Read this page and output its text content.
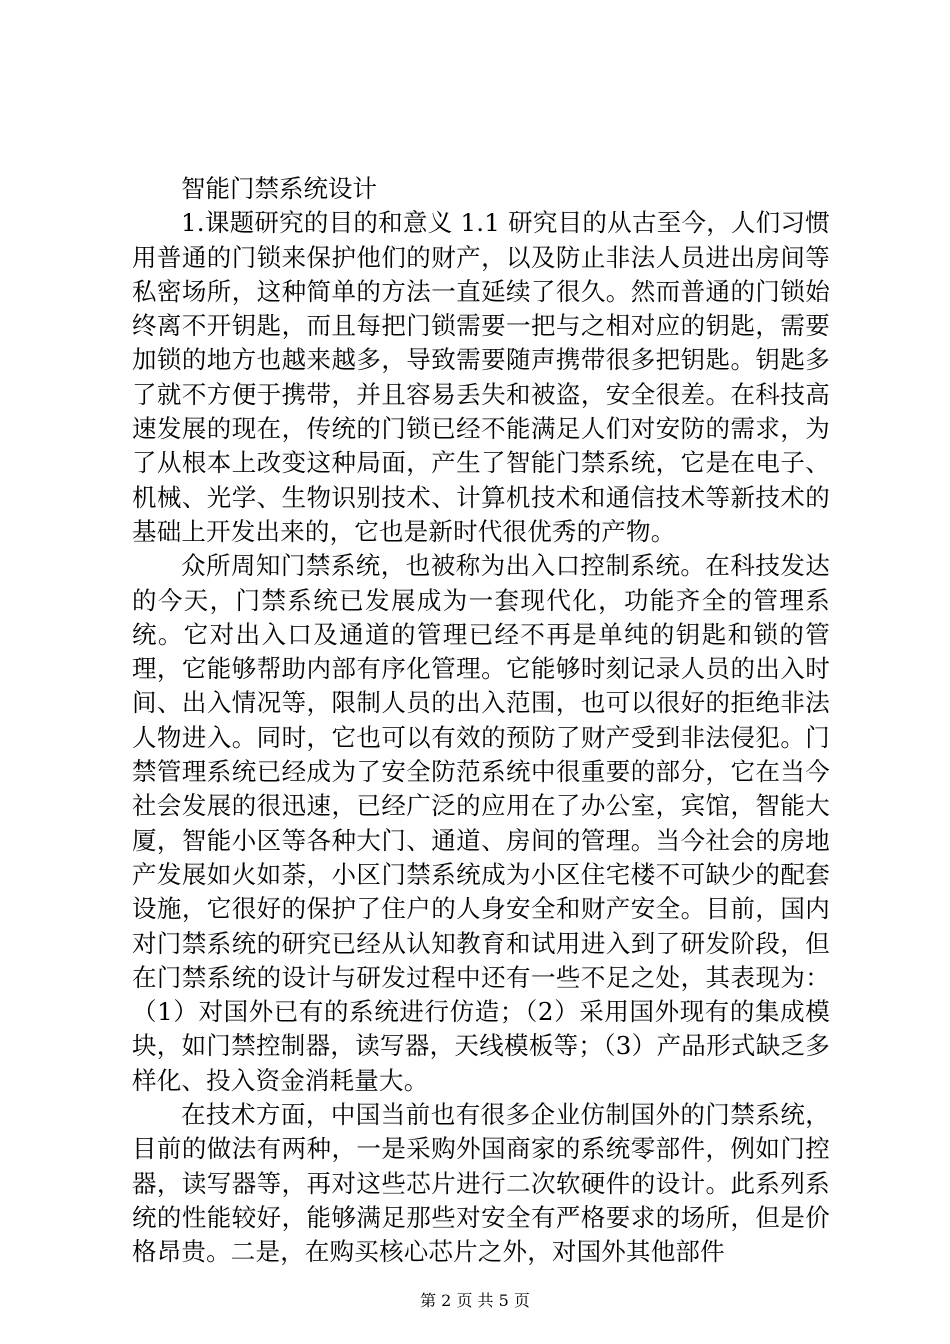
智能门禁系统设计

1.课题研究的目的和意义 1.1 研究目的从古至今，人们习惯用普通的门锁来保护他们的财产，以及防止非法人员进出房间等私密场所，这种简单的方法一直延续了很久。然而普通的门锁始终离不开钥匙，而且每把门锁需要一把与之相对应的钥匙，需要加锁的地方也越来越多，导致需要随声携带很多把钥匙。钥匙多了就不方便于携带，并且容易丢失和被盗，安全很差。在科技高速发展的现在，传统的门锁已经不能满足人们对安防的需求，为了从根本上改变这种局面，产生了智能门禁系统，它是在电子、机械、光学、生物识别技术、计算机技术和通信技术等新技术的基础上开发出来的，它也是新时代很优秀的产物。

众所周知门禁系统，也被称为出入口控制系统。在科技发达的今天，门禁系统已发展成为一套现代化，功能齐全的管理系统。它对出入口及通道的管理已经不再是单纯的钥匙和锁的管理，它能够帮助内部有序化管理。它能够时刻记录人员的出入时间、出入情况等，限制人员的出入范围，也可以很好的拒绝非法人物进入。同时，它也可以有效的预防了财产受到非法侵犯。门禁管理系统已经成为了安全防范系统中很重要的部分，它在当今社会发展的很迅速，已经广泛的应用在了办公室，宾馆，智能大厦，智能小区等各种大门、通道、房间的管理。当今社会的房地产发展如火如荼，小区门禁系统成为小区住宅楼不可缺少的配套设施，它很好的保护了住户的人身安全和财产安全。目前，国内对门禁系统的研究已经从认知教育和试用进入到了研发阶段，但在门禁系统的设计与研发过程中还有一些不足之处，其表现为：（1）对国外已有的系统进行仿造；（2）采用国外现有的集成模块，如门禁控制器，读写器，天线模板等；（3）产品形式缺乏多样化、投入资金消耗量大。

在技术方面，中国当前也有很多企业仿制国外的门禁系统，目前的做法有两种，一是采购外国商家的系统零部件，例如门控器，读写器等，再对这些芯片进行二次软硬件的设计。此系列系统的性能较好，能够满足那些对安全有严格要求的场所，但是价格昂贵。二是，在购买核心芯片之外，对国外其他部件

第 2 页 共 5 页
